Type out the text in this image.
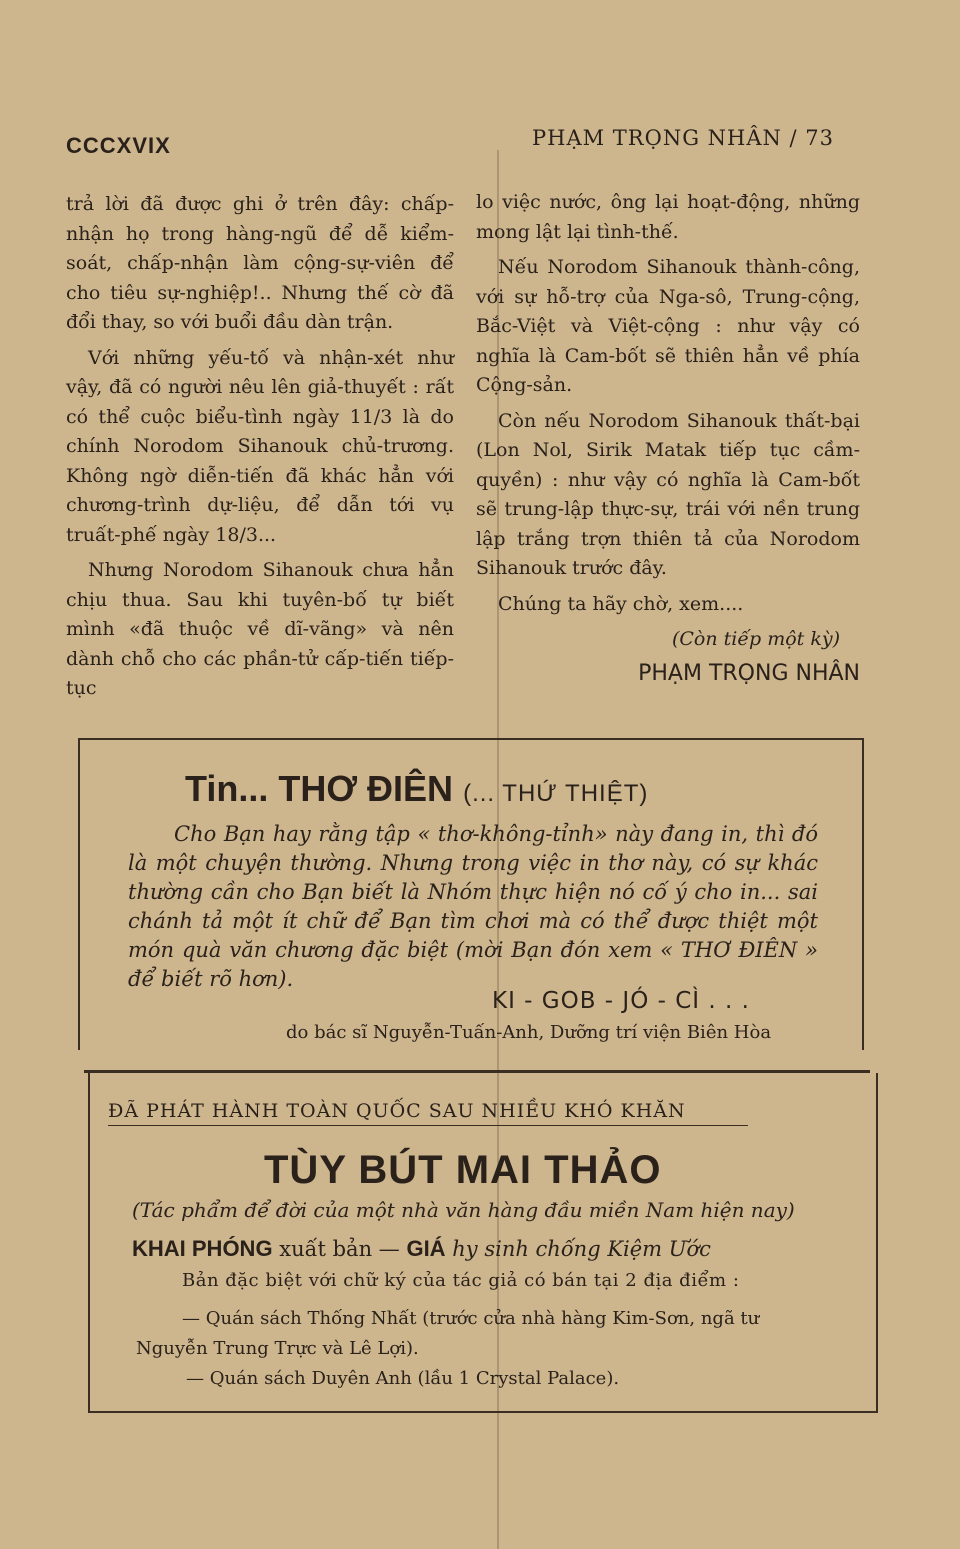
CCCXVIX	PHẠM TRỌNG NHÂN / 73

trả lời đã được ghi ở trên đây: chấp-nhận họ trong hàng-ngũ để dễ kiểm-soát, chấp-nhận làm cộng-sự-viên để cho tiêu sự-nghiệp!.. Nhưng thế cờ đã đổi thay, so với buổi đầu dàn trận.

Với những yếu-tố và nhận-xét như vậy, đã có người nêu lên giả-thuyết : rất có thể cuộc biểu-tình ngày 11/3 là do chính Norodom Sihanouk chủ-trương. Không ngờ diễn-tiến đã khác hẳn với chương-trình dự-liệu, để dẫn tới vụ truất-phế ngày 18/3...

Nhưng Norodom Sihanouk chưa hẳn chịu thua. Sau khi tuyên-bố tự biết mình «đã thuộc về dĩ-vãng» và nên dành chỗ cho các phần-tử cấp-tiến tiếp-tục

lo việc nước, ông lại hoạt-động, những mong lật lại tình-thế.

Nếu Norodom Sihanouk thành-công, với sự hỗ-trợ của Nga-sô, Trung-cộng, Bắc-Việt và Việt-cộng : như vậy có nghĩa là Cam-bốt sẽ thiên hẳn về phía Cộng-sản.

Còn nếu Norodom Sihanouk thất-bại (Lon Nol, Sirik Matak tiếp tục cầm-quyền) : như vậy có nghĩa là Cam-bốt sẽ trung-lập thực-sự, trái với nền trung lập trắng trợn thiên tả của Norodom Sihanouk trước đây.

Chúng ta hãy chờ, xem....

(Còn tiếp một kỳ)
PHẠM TRỌNG NHÂN
Tin... THƠ ĐIÊN (... THỨ THIỆT)
Cho Bạn hay rằng tập « thơ-không-tỉnh» này đang in, thì đó là một chuyện thường. Nhưng trong việc in thơ này, có sự khác thường cần cho Bạn biết là Nhóm thực hiện nó cố ý cho in... sai chánh tả một ít chữ để Bạn tìm chơi mà có thể được thiệt một món quà văn chương đặc biệt (mời Bạn đón xem « THƠ ĐIÊN » để biết rõ hơn).
KI - GOB - JÓ - CÌ . . .
do bác sĩ Nguyễn-Tuấn-Anh, Dưỡng trí viện Biên Hòa
ĐÃ PHÁT HÀNH TOÀN QUỐC SAU NHIỀU KHÓ KHĂN
TÙY BÚT MAI THẢO
(Tác phẩm để đời của một nhà văn hàng đầu miền Nam hiện nay)
KHAI PHÓNG xuất bản — GIÁ hy sinh chống Kiệm Ước
Bản đặc biệt với chữ ký của tác giả có bán tại 2 địa điểm :
— Quán sách Thống Nhất (trước cửa nhà hàng Kim-Sơn, ngã tư Nguyễn Trung Trực và Lê Lợi).
— Quán sách Duyên Anh (lầu 1 Crystal Palace).
